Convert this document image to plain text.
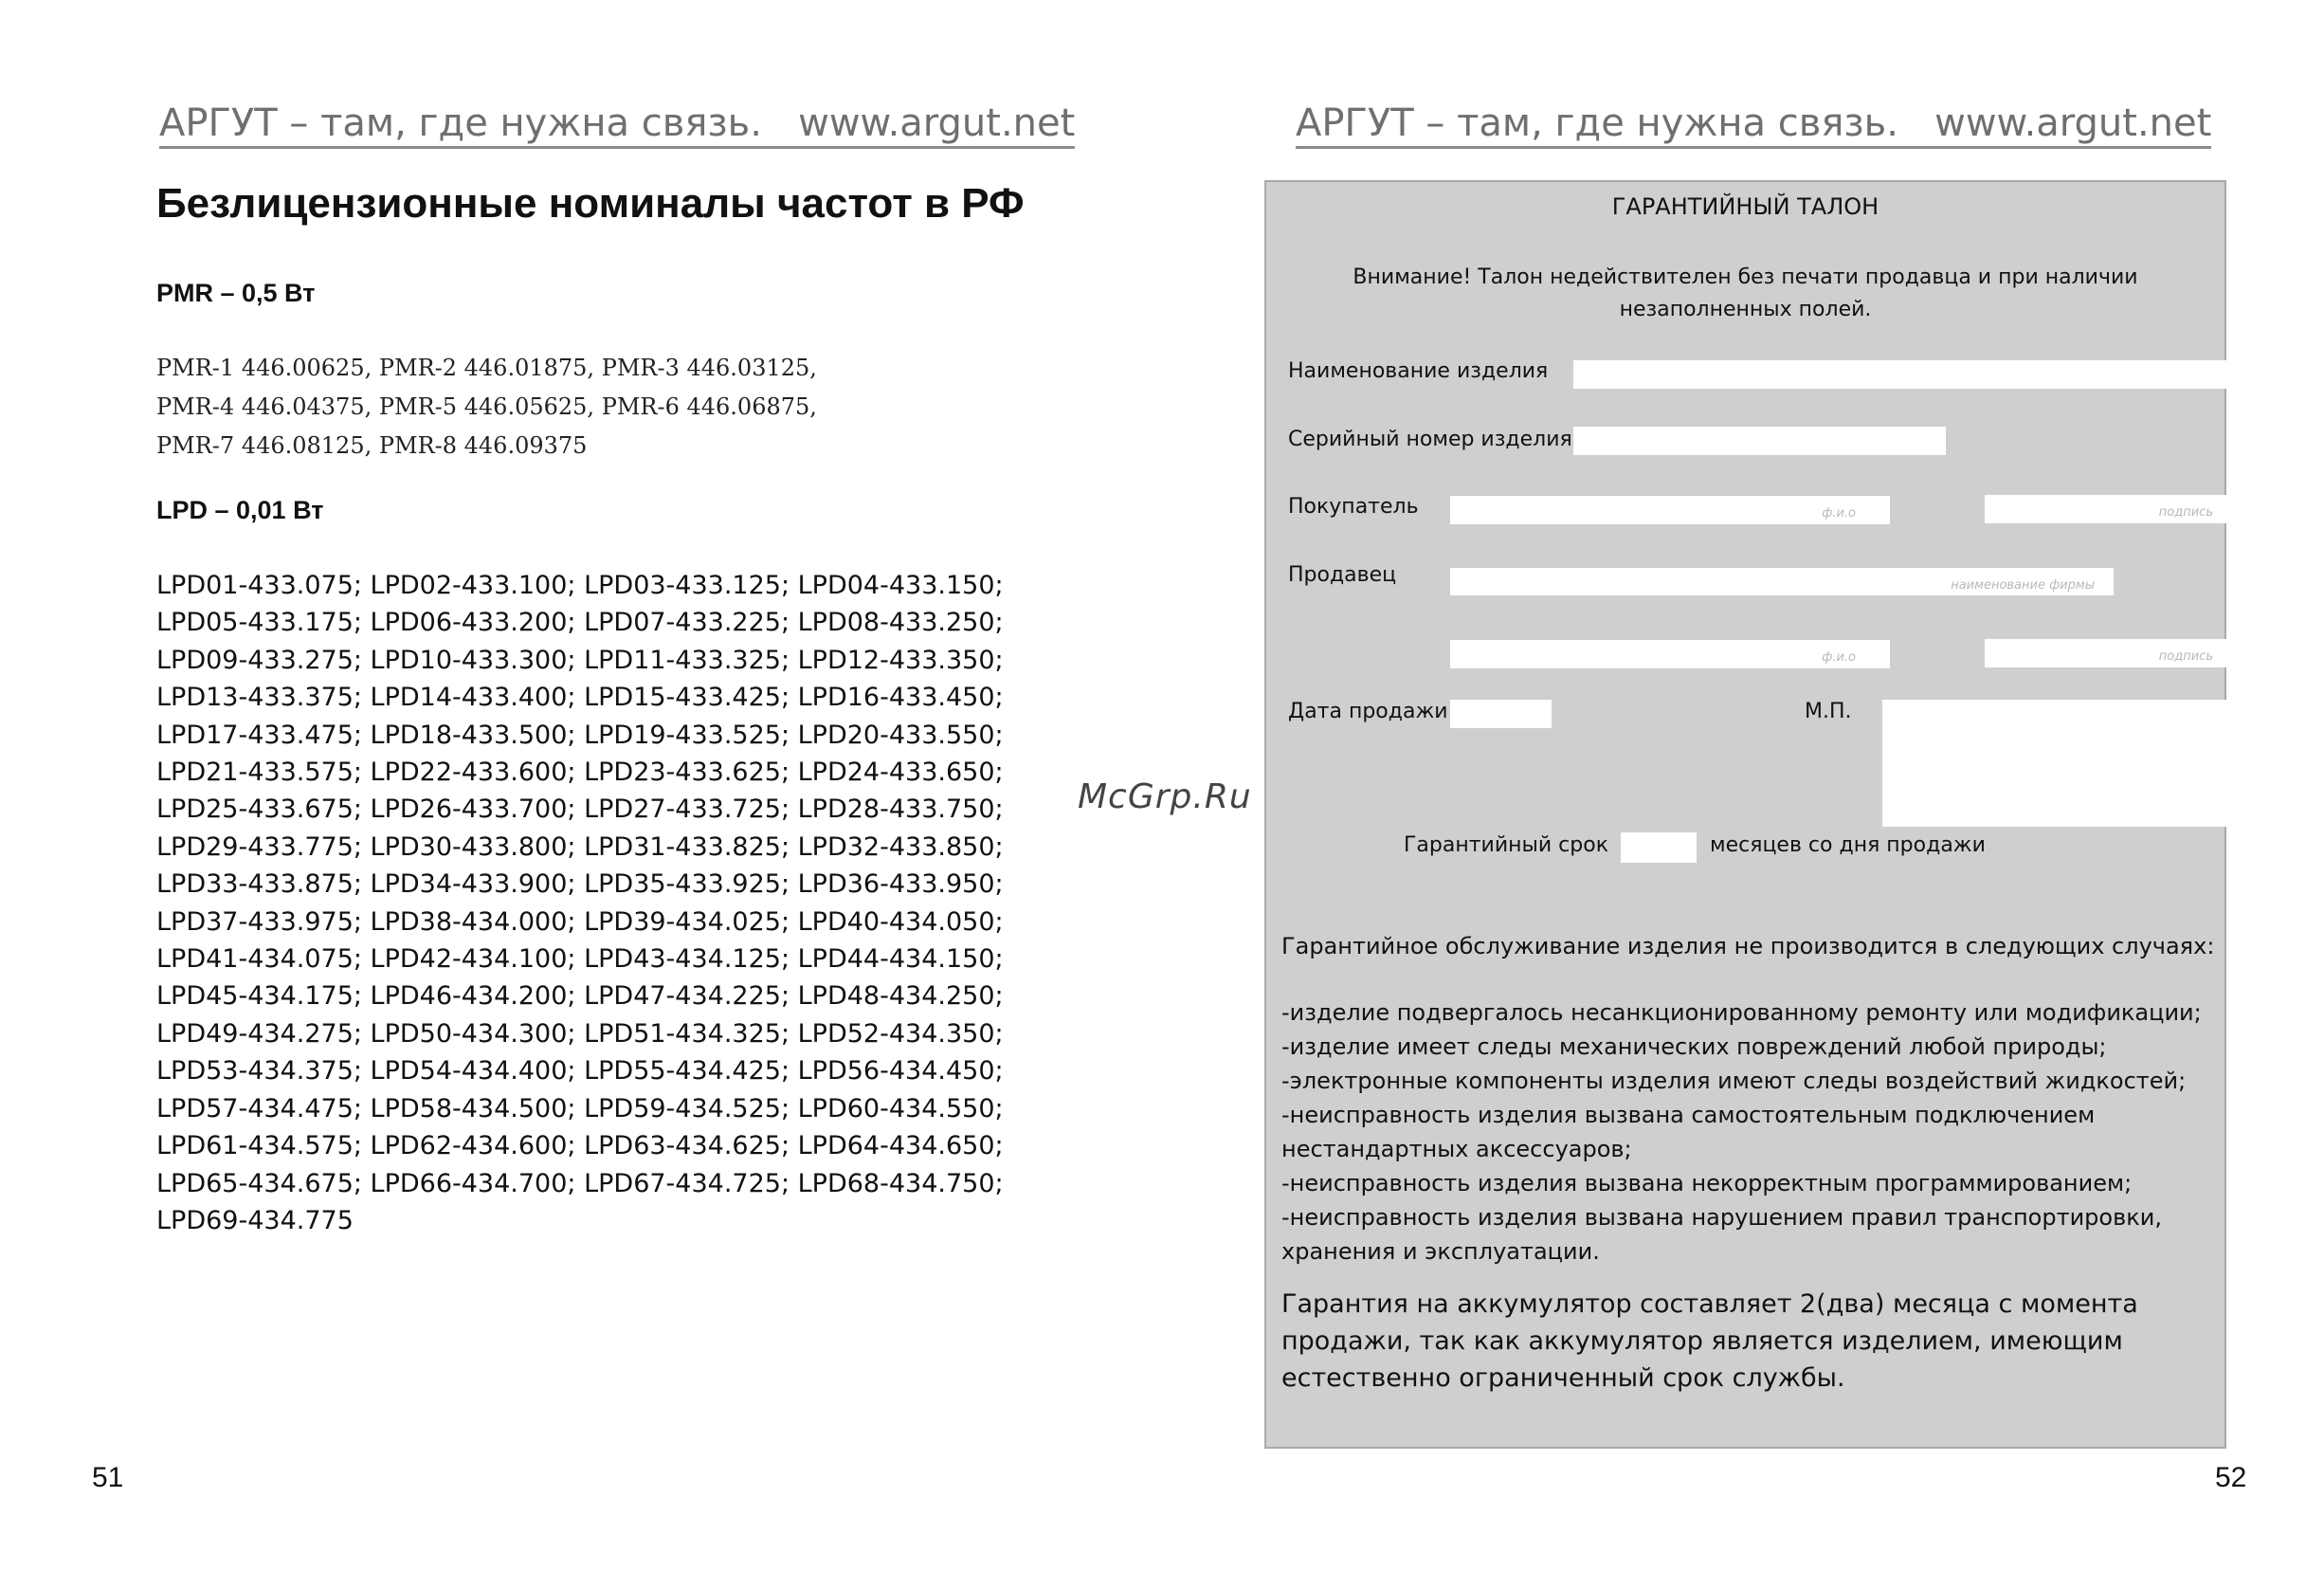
АРГУТ – там, где нужна связь.   www.argut.net
Безлицензионные номиналы частот в РФ
PMR – 0,5 Вт
PMR-1 446.00625, PMR-2 446.01875, PMR-3 446.03125,
PMR-4 446.04375, PMR-5 446.05625, PMR-6 446.06875,
PMR-7 446.08125, PMR-8 446.09375
LPD – 0,01 Вт
LPD01-433.075; LPD02-433.100; LPD03-433.125; LPD04-433.150;
LPD05-433.175; LPD06-433.200; LPD07-433.225; LPD08-433.250;
LPD09-433.275; LPD10-433.300; LPD11-433.325; LPD12-433.350;
LPD13-433.375; LPD14-433.400; LPD15-433.425; LPD16-433.450;
LPD17-433.475; LPD18-433.500; LPD19-433.525; LPD20-433.550;
LPD21-433.575; LPD22-433.600; LPD23-433.625; LPD24-433.650;
LPD25-433.675; LPD26-433.700; LPD27-433.725; LPD28-433.750;
LPD29-433.775; LPD30-433.800; LPD31-433.825; LPD32-433.850;
LPD33-433.875; LPD34-433.900; LPD35-433.925; LPD36-433.950;
LPD37-433.975; LPD38-434.000; LPD39-434.025; LPD40-434.050;
LPD41-434.075; LPD42-434.100; LPD43-434.125; LPD44-434.150;
LPD45-434.175; LPD46-434.200; LPD47-434.225; LPD48-434.250;
LPD49-434.275; LPD50-434.300; LPD51-434.325; LPD52-434.350;
LPD53-434.375; LPD54-434.400; LPD55-434.425; LPD56-434.450;
LPD57-434.475; LPD58-434.500; LPD59-434.525; LPD60-434.550;
LPD61-434.575; LPD62-434.600; LPD63-434.625; LPD64-434.650;
LPD65-434.675; LPD66-434.700; LPD67-434.725; LPD68-434.750;
LPD69-434.775
51
McGrp.Ru
АРГУТ – там, где нужна связь.   www.argut.net
ГАРАНТИЙНЫЙ ТАЛОН
Внимание! Талон недействителен без печати продавца и при наличии
незаполненных полей.
Наименование изделия
Серийный номер изделия
Покупатель	ф.и.о	подпись
Продавец	наименование фирмы
ф.и.о	подпись
Дата продажи	М.П.
Гарантийный срок	месяцев со дня продажи
Гарантийное обслуживание изделия не производится в следующих случаях:
-изделие подвергалось несанкционированному ремонту или модификации;
-изделие имеет следы механических повреждений любой природы;
-электронные компоненты изделия имеют следы воздействий жидкостей;
-неисправность изделия вызвана самостоятельным подключением
нестандартных аксессуаров;
-неисправность изделия вызвана некорректным программированием;
-неисправность изделия вызвана нарушением правил транспортировки,
хранения и эксплуатации.
Гарантия на аккумулятор составляет 2(два) месяца с момента
продажи, так как аккумулятор является изделием, имеющим
естественно ограниченный срок службы.
52
